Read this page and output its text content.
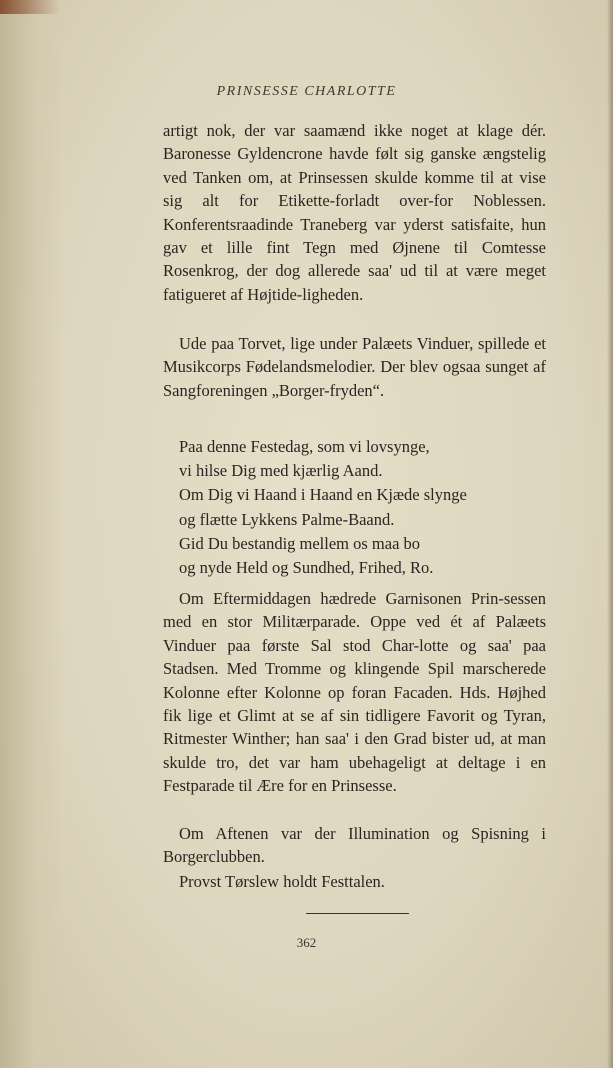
PRINSESSE CHARLOTTE

artigt nok, der var saamænd ikke noget at klage dér. Baronesse Gyldencrone havde følt sig ganske ængstelig ved Tanken om, at Prinsessen skulde komme til at vise sig alt for Etikette-forladt over-for Noblessen. Konferentsraadinde Traneberg var yderst satisfaite, hun gav et lille fint Tegn med Øjnene til Comtesse Rosenkrog, der dog allerede saa' ud til at være meget fatigueret af Højtide-ligheden.

Ude paa Torvet, lige under Palæets Vinduer, spillede et Musikcorps Fødelandsmelodier. Der blev ogsaa sunget af Sangforeningen „Borger-fryden“.

Paa denne Festedag, som vi lovsynge,
vi hilse Dig med kjærlig Aand.
Om Dig vi Haand i Haand en Kjæde slynge
og flætte Lykkens Palme-Baand.
Gid Du bestandig mellem os maa bo
og nyde Held og Sundhed, Frihed, Ro.

Om Eftermiddagen hædrede Garnisonen Prin-sessen med en stor Militærparade. Oppe ved ét af Palæets Vinduer paa første Sal stod Char-lotte og saa' paa Stadsen. Med Tromme og klingende Spil marscherede Kolonne efter Kolonne op foran Facaden. Hds. Højhed fik lige et Glimt at se af sin tidligere Favorit og Tyran, Ritmester Winther; han saa' i den Grad bister ud, at man skulde tro, det var ham ubehageligt at deltage i en Festparade til Ære for en Prinsesse.

Om Aftenen var der Illumination og Spisning i Borgerclubben.

Provst Tørslew holdt Festtalen.

362
